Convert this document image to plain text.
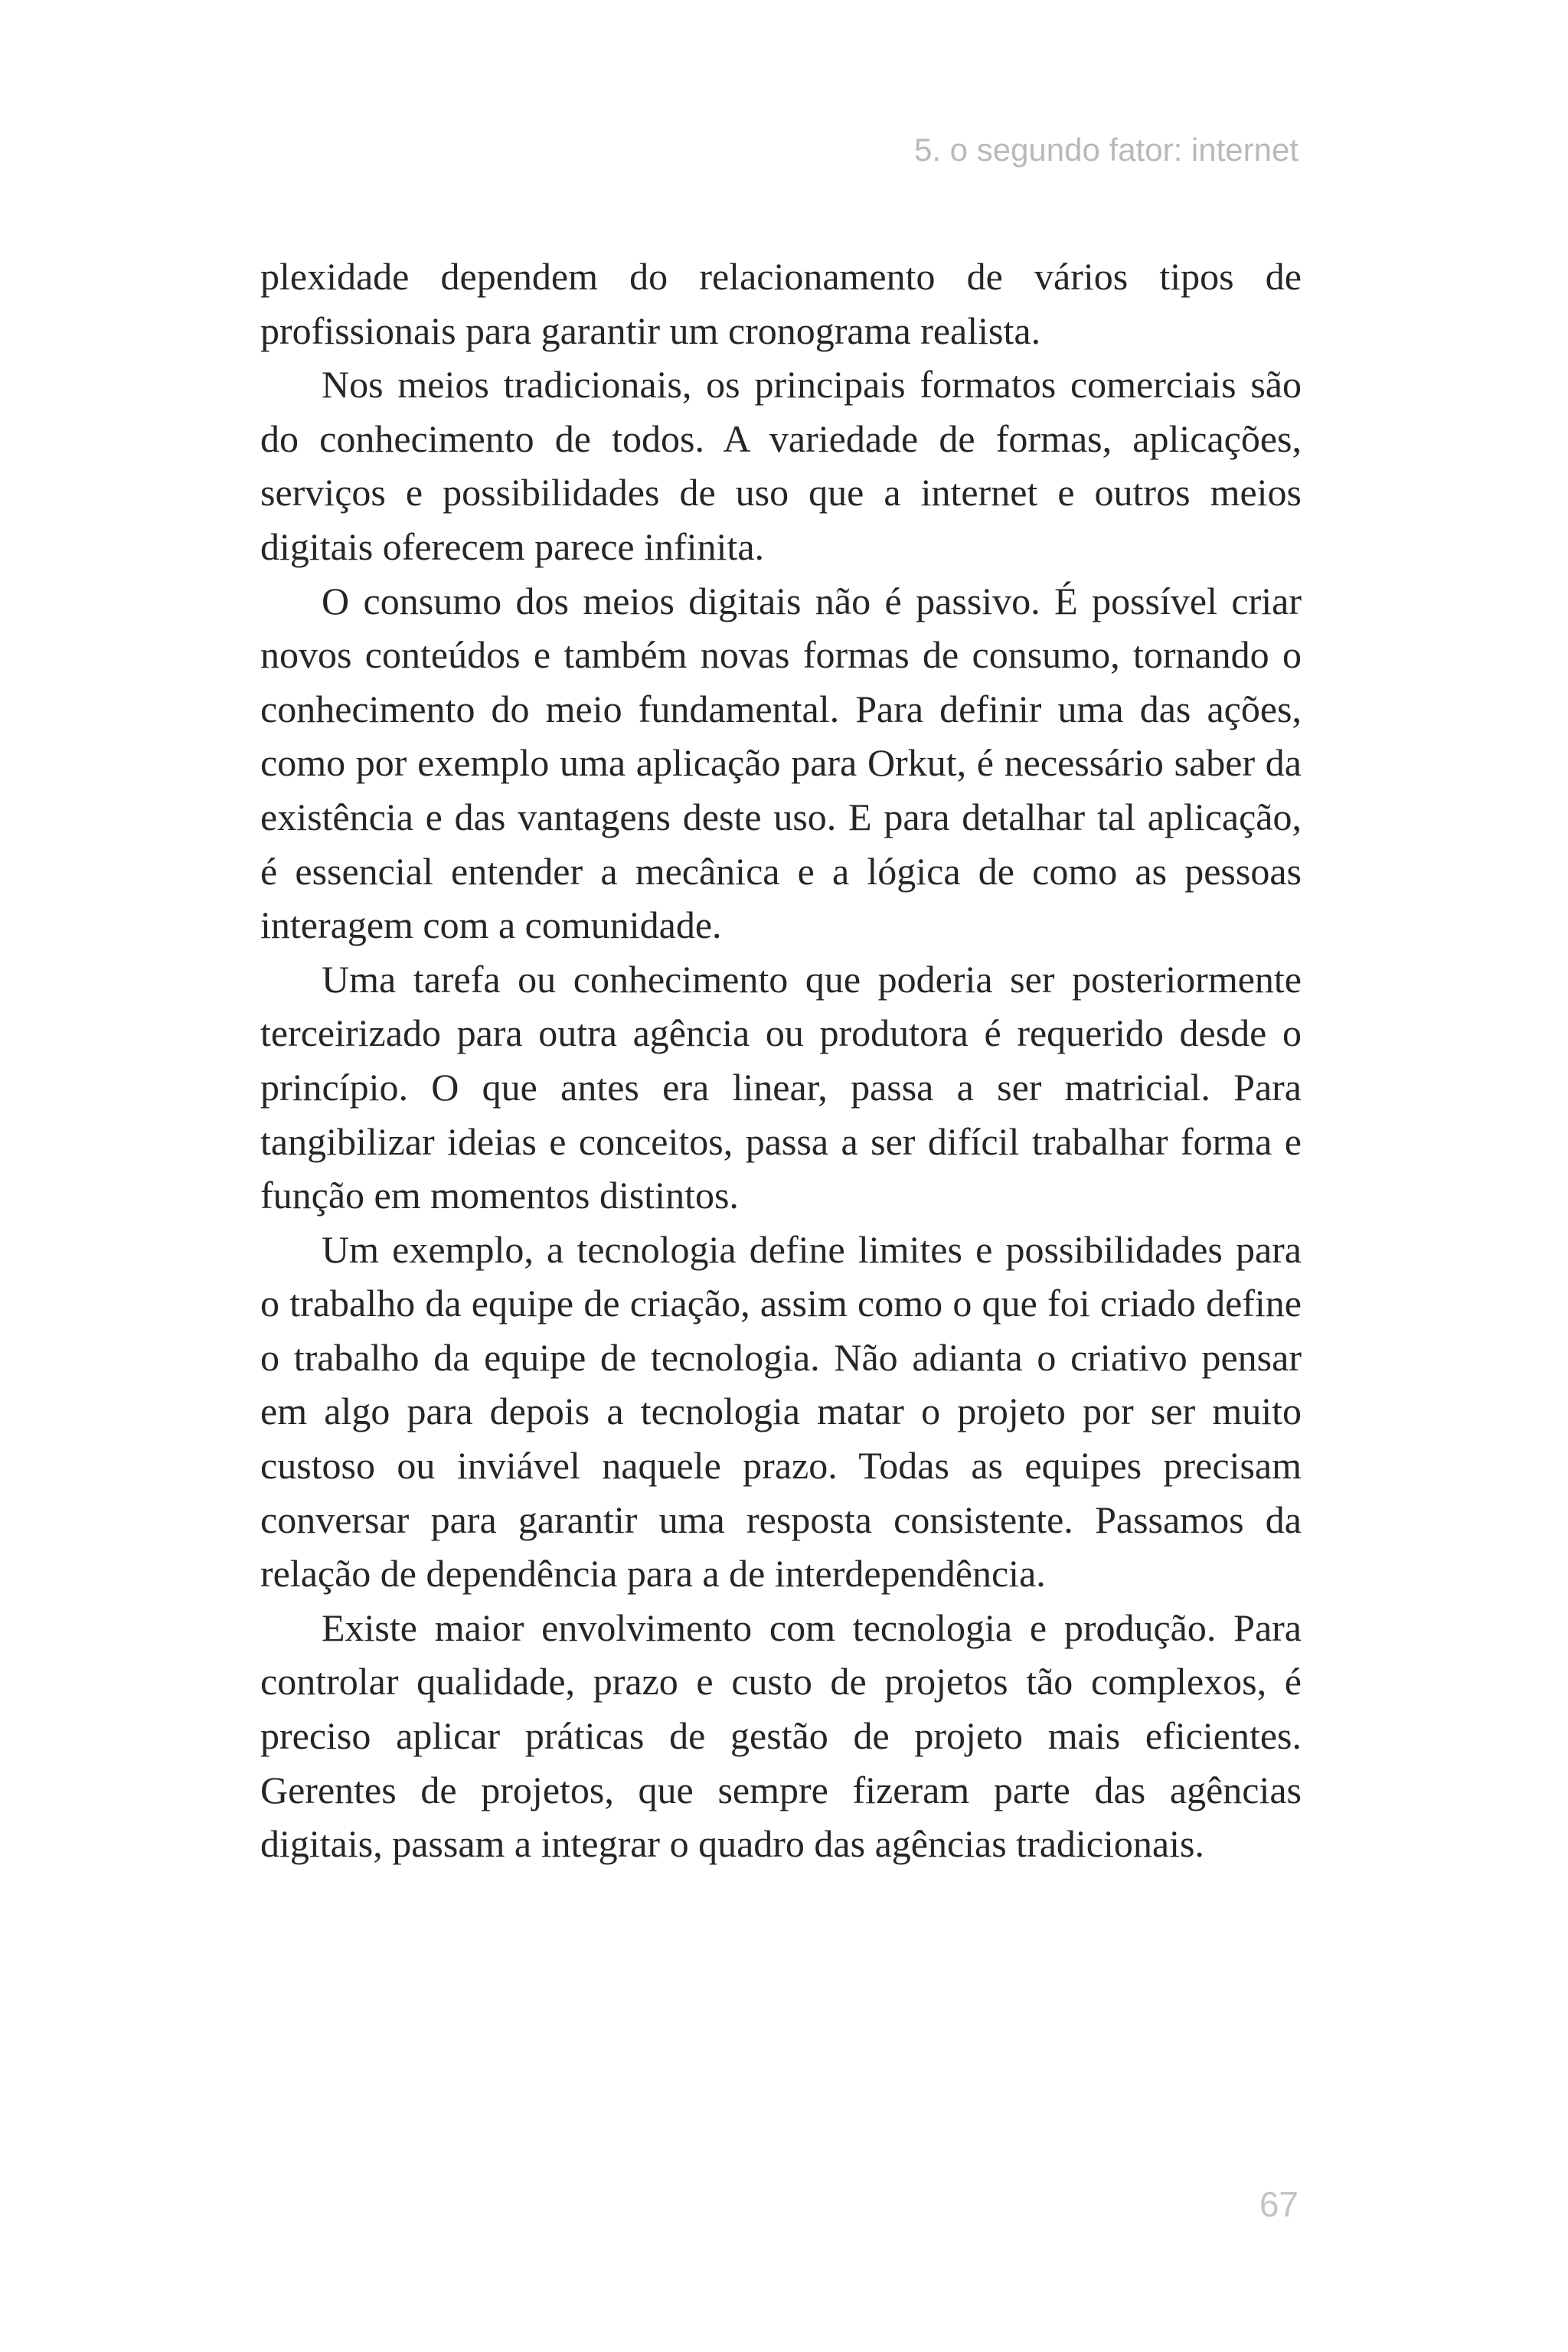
5. o segundo fator: internet

plexidade dependem do relacionamento de vários tipos de profissionais para garantir um cronograma realista.

Nos meios tradicionais, os principais formatos comerciais são do conhecimento de todos. A variedade de formas, aplicações, serviços e possibilidades de uso que a internet e outros meios digitais oferecem parece infinita.

O consumo dos meios digitais não é passivo. É possível criar novos conteúdos e também novas formas de consumo, tornando o conhecimento do meio fundamental. Para definir uma das ações, como por exemplo uma aplicação para Orkut, é necessário saber da existência e das vantagens deste uso. E para detalhar tal aplicação, é essencial entender a mecânica e a lógica de como as pessoas interagem com a comunidade.

Uma tarefa ou conhecimento que poderia ser posteriormente terceirizado para outra agência ou produtora é requerido desde o princípio. O que antes era linear, passa a ser matricial. Para tangibilizar ideias e conceitos, passa a ser difícil trabalhar forma e função em momentos distintos.

Um exemplo, a tecnologia define limites e possibilidades para o trabalho da equipe de criação, assim como o que foi criado define o trabalho da equipe de tecnologia. Não adianta o criativo pensar em algo para depois a tecnologia matar o projeto por ser muito custoso ou inviável naquele prazo. Todas as equipes precisam conversar para garantir uma resposta consistente. Passamos da relação de dependência para a de interdependência.

Existe maior envolvimento com tecnologia e produção. Para controlar qualidade, prazo e custo de projetos tão complexos, é preciso aplicar práticas de gestão de projeto mais eficientes. Gerentes de projetos, que sempre fizeram parte das agências digitais, passam a integrar o quadro das agências tradicionais.

67
